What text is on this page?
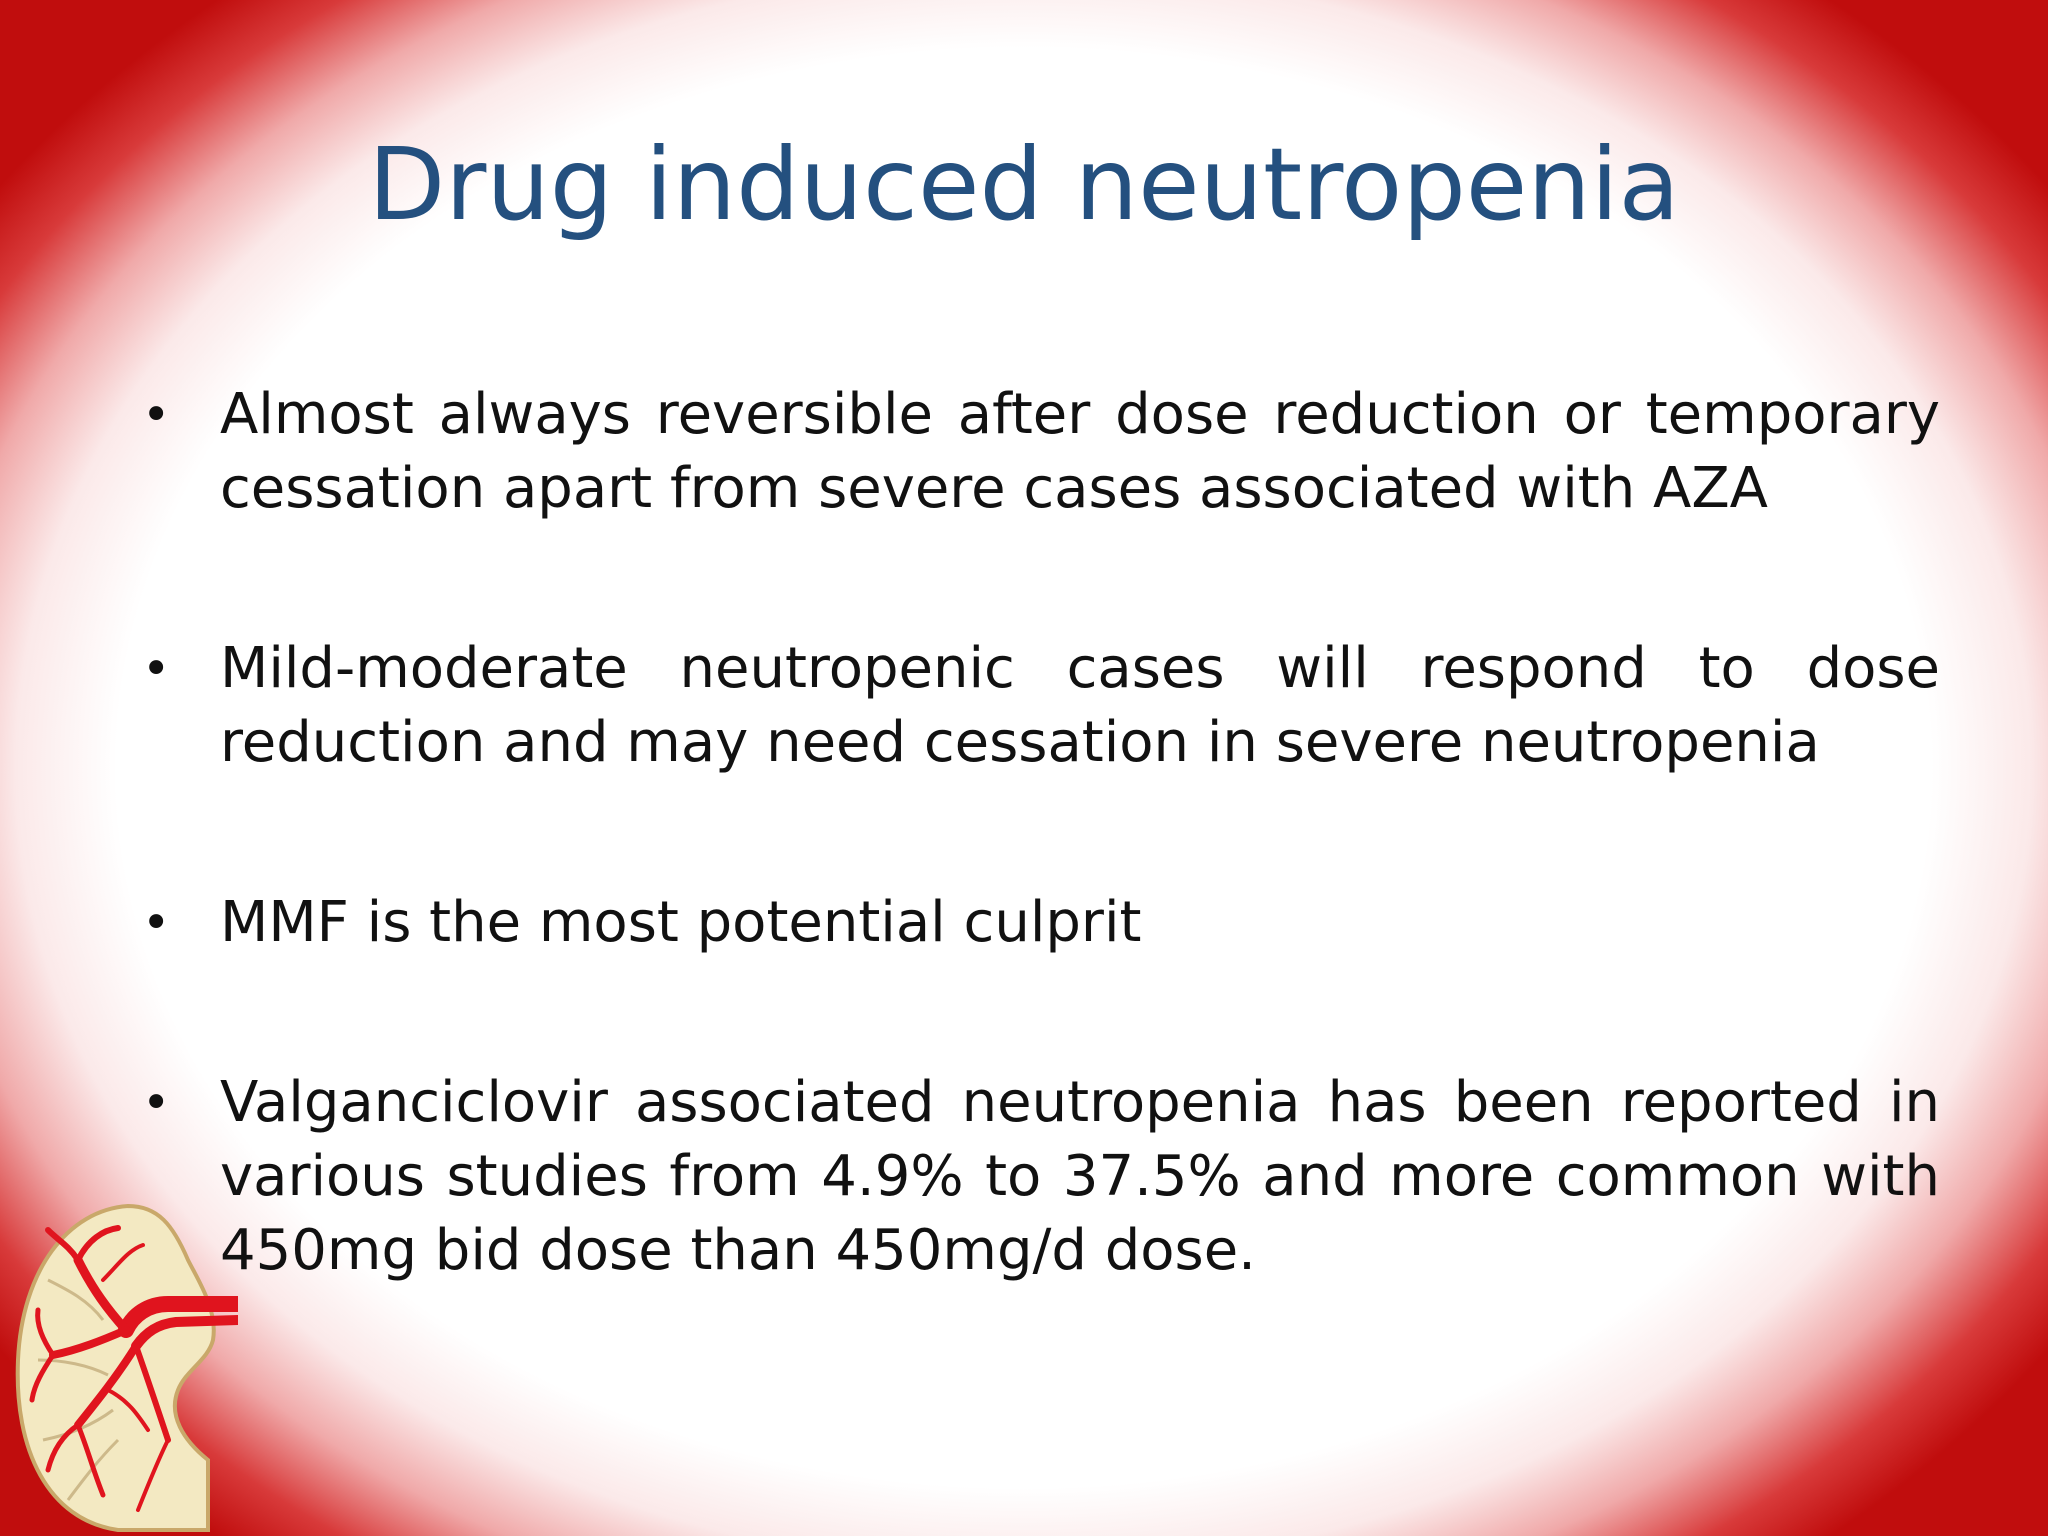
Drug induced neutropenia
• Almost always reversible after dose reduction or temporary cessation apart from severe cases associated with AZA
• Mild-moderate neutropenic cases will respond to dose reduction and may need cessation in severe neutropenia
• MMF is the most potential culprit
• Valganciclovir associated neutropenia has been reported in various studies from 4.9% to 37.5% and more common with 450mg bid dose than 450mg/d dose.
